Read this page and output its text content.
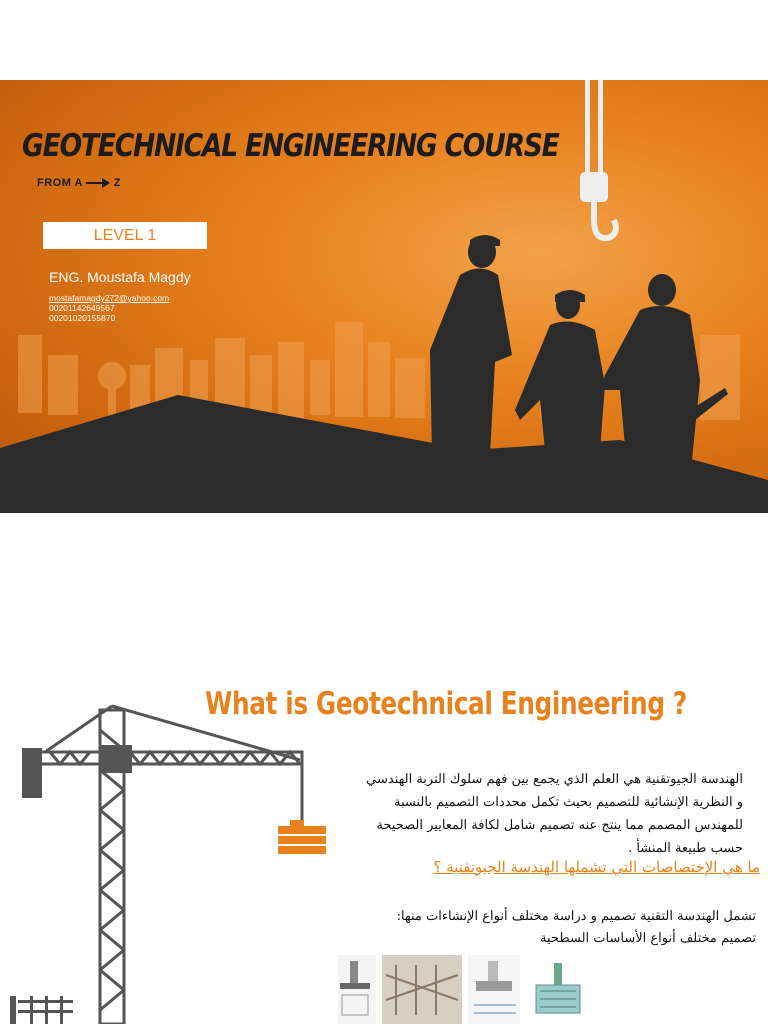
GEOTECHNICAL ENGINEERING COURSE
FROM A	Z
LEVEL 1
ENG. Moustafa Magdy
mostafamagdy272@yahoo.com
00201142649567
00201020155870
What is Geotechnical Engineering ?
الهندسة الجيوتقنية هي العلم الذي يجمع بين فهم سلوك التربة الهندسي و النظرية الإنشائية للتصميم بحيث تكمل محددات التصميم بالنسبة للمهندس المصمم مما ينتج عنه تصميم شامل لكافة المعايير الصحيحة حسب طبيعة المنشأ .
ما هي الإختصاصات التي تشملها الهندسة الجيوتقنية ؟
تشمل الهندسة التقنية تصميم و دراسة مختلف أنواع الإنشاءات منها:
تصميم مختلف أنواع الأساسات السطحية
